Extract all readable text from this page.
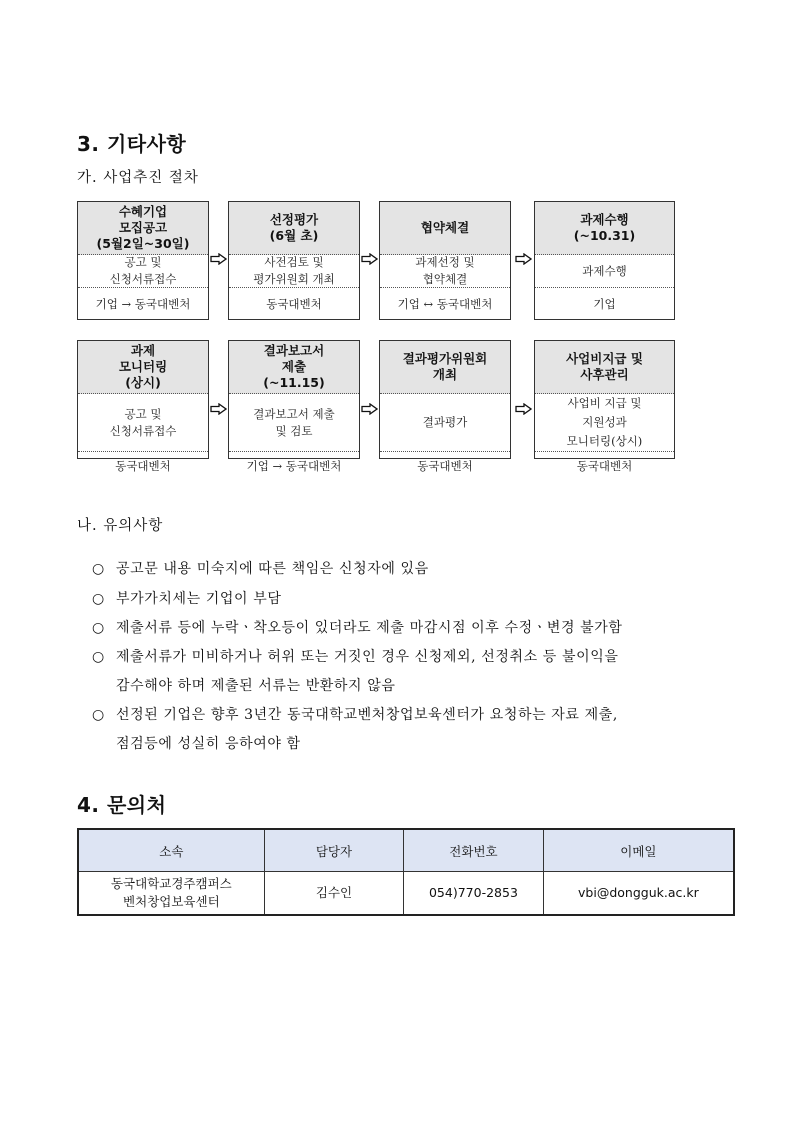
3. 기타사항
가. 사업추진 절차
수혜기업
모집공고
(5월2일~30일)
공고 및
신청서류접수
기업 → 동국대벤처
선정평가
(6월 초)
사전검토 및
평가위원회 개최
동국대벤처
협약체결
과제선정 및
협약체결
기업 ↔ 동국대벤처
과제수행
(~10.31)
과제수행
기업
과제
모니터링
(상시)
공고 및
신청서류접수
동국대벤처
결과보고서
제출
(~11.15)
결과보고서 제출
및 검토
기업 → 동국대벤처
결과평가위원회
개최
결과평가
동국대벤처
사업비지급 및
사후관리
사업비 지급 및
지원성과
모니터링(상시)
동국대벤처
나. 유의사항
○ 공고문 내용 미숙지에 따른 책임은 신청자에 있음
○ 부가가치세는 기업이 부담
○ 제출서류 등에 누락ㆍ착오등이 있더라도 제출 마감시점 이후 수정ㆍ변경 불가함
○ 제출서류가 미비하거나 허위 또는 거짓인 경우 신청제외, 선정취소 등 불이익을
감수해야 하며 제출된 서류는 반환하지 않음
○ 선정된 기업은 향후 3년간 동국대학교벤처창업보육센터가 요청하는 자료 제출,
점검등에 성실히 응하여야 함
4. 문의처
소속	담당자	전화번호	이메일
동국대학교경주캠퍼스
벤처창업보육센터	김수인	054)770-2853	vbi@dongguk.ac.kr
